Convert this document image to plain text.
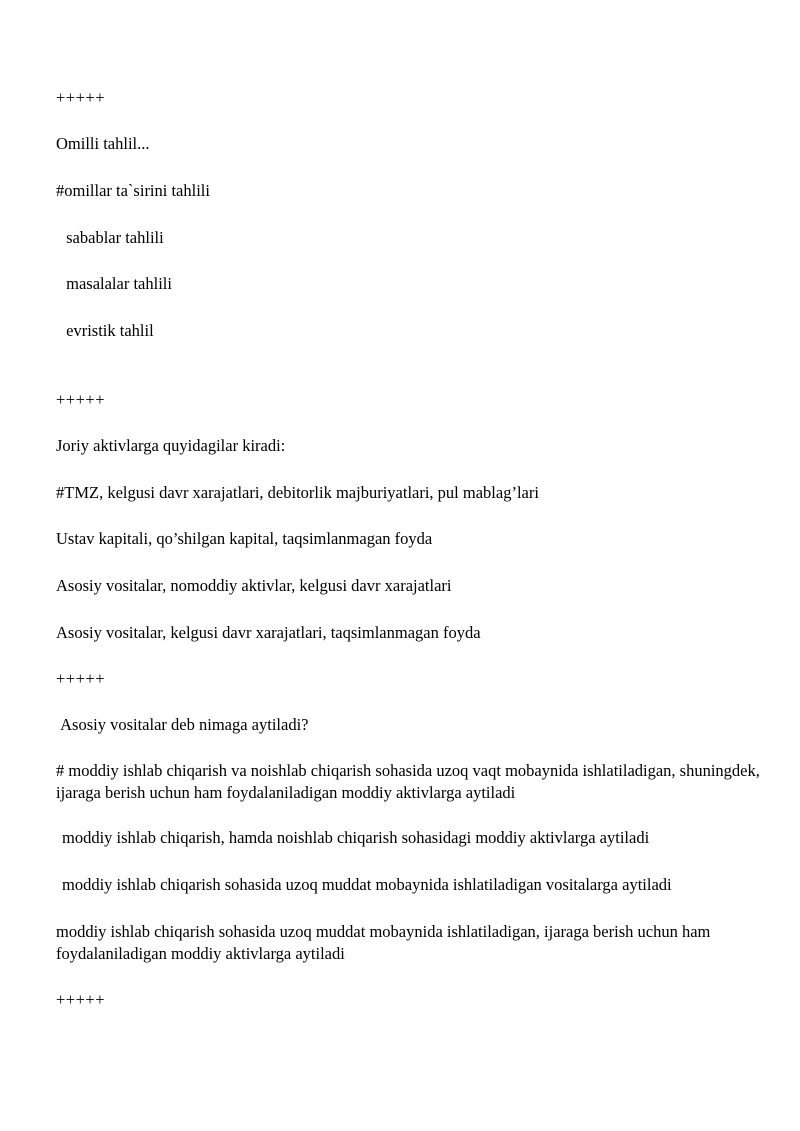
+++++
Omilli tahlil...
#omillar ta`sirini tahlili
sabablar tahlili
masalalar tahlili
evristik tahlil
+++++
Joriy aktivlarga quyidagilar kiradi:
#TMZ, kelgusi davr xarajatlari, debitorlik majburiyatlari, pul mablag’lari
Ustav kapitali, qo’shilgan kapital, taqsimlanmagan foyda
Asosiy vositalar, nomoddiy aktivlar, kelgusi davr xarajatlari
Asosiy vositalar, kelgusi davr xarajatlari, taqsimlanmagan foyda
+++++
Asosiy vositalar deb nimaga aytiladi?
# moddiy ishlab chiqarish va noishlab chiqarish sohasida uzoq vaqt mobaynida ishlatiladigan, shuningdek, ijaraga berish uchun ham foydalaniladigan moddiy aktivlarga aytiladi
moddiy ishlab chiqarish, hamda noishlab chiqarish sohasidagi moddiy aktivlarga aytiladi
moddiy ishlab chiqarish sohasida uzoq muddat mobaynida ishlatiladigan vositalarga aytiladi
moddiy ishlab chiqarish sohasida uzoq muddat mobaynida ishlatiladigan, ijaraga berish uchun ham foydalaniladigan moddiy aktivlarga aytiladi
+++++
